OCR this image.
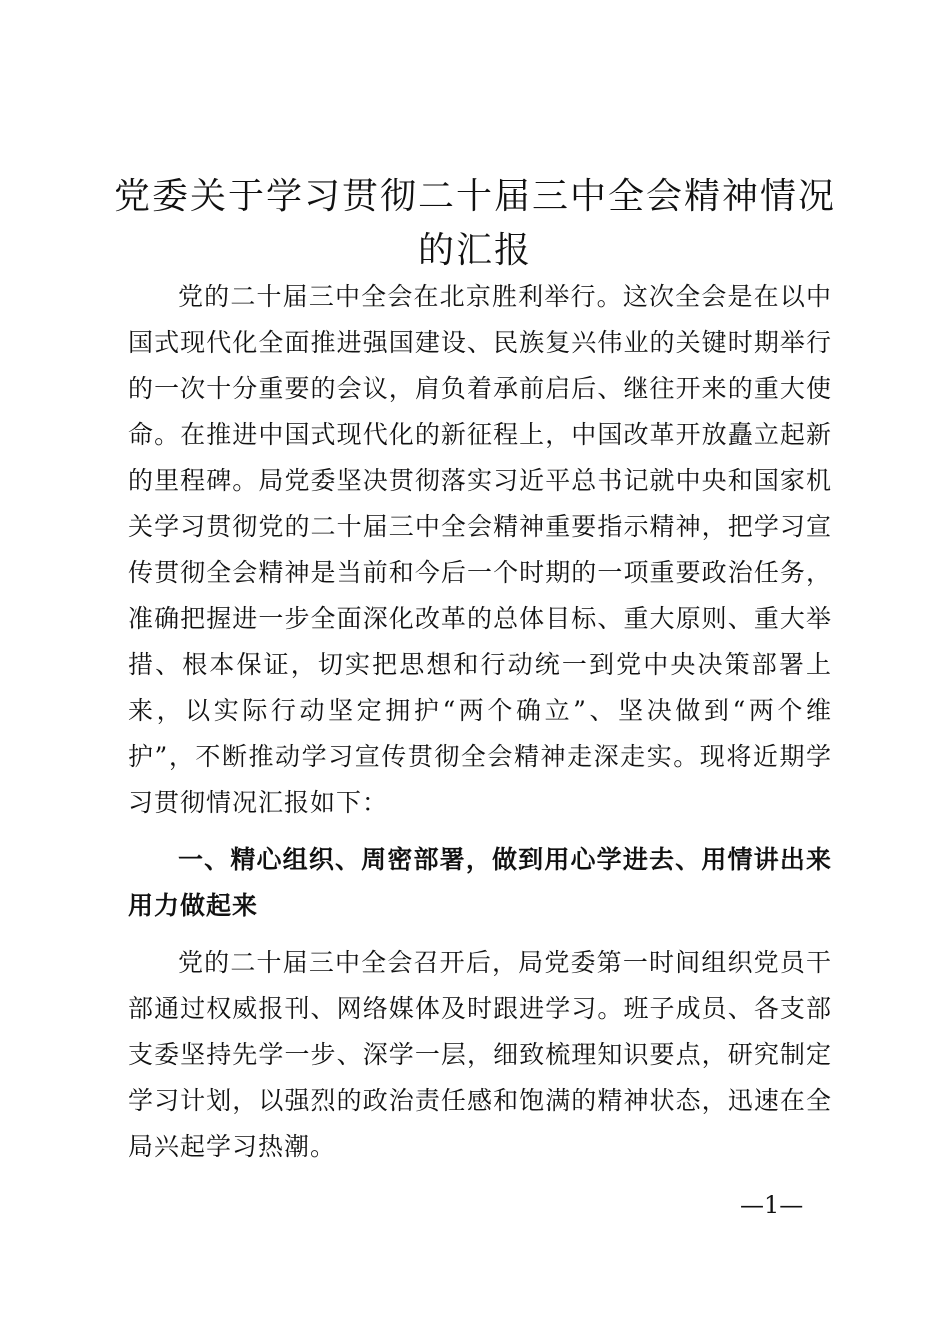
党委关于学习贯彻二十届三中全会精神情况的汇报

党的二十届三中全会在北京胜利举行。这次全会是在以中国式现代化全面推进强国建设、民族复兴伟业的关键时期举行的一次十分重要的会议，肩负着承前启后、继往开来的重大使命。在推进中国式现代化的新征程上，中国改革开放矗立起新的里程碑。局党委坚决贯彻落实习近平总书记就中央和国家机关学习贯彻党的二十届三中全会精神重要指示精神，把学习宣传贯彻全会精神是当前和今后一个时期的一项重要政治任务，准确把握进一步全面深化改革的总体目标、重大原则、重大举措、根本保证，切实把思想和行动统一到党中央决策部署上来，以实际行动坚定拥护“两个确立”、坚决做到“两个维护”，不断推动学习宣传贯彻全会精神走深走实。现将近期学习贯彻情况汇报如下：

一、精心组织、周密部署，做到用心学进去、用情讲出来用力做起来

党的二十届三中全会召开后，局党委第一时间组织党员干部通过权威报刊、网络媒体及时跟进学习。班子成员、各支部支委坚持先学一步、深学一层，细致梳理知识要点，研究制定学习计划，以强烈的政治责任感和饱满的精神状态，迅速在全局兴起学习热潮。

—1—
